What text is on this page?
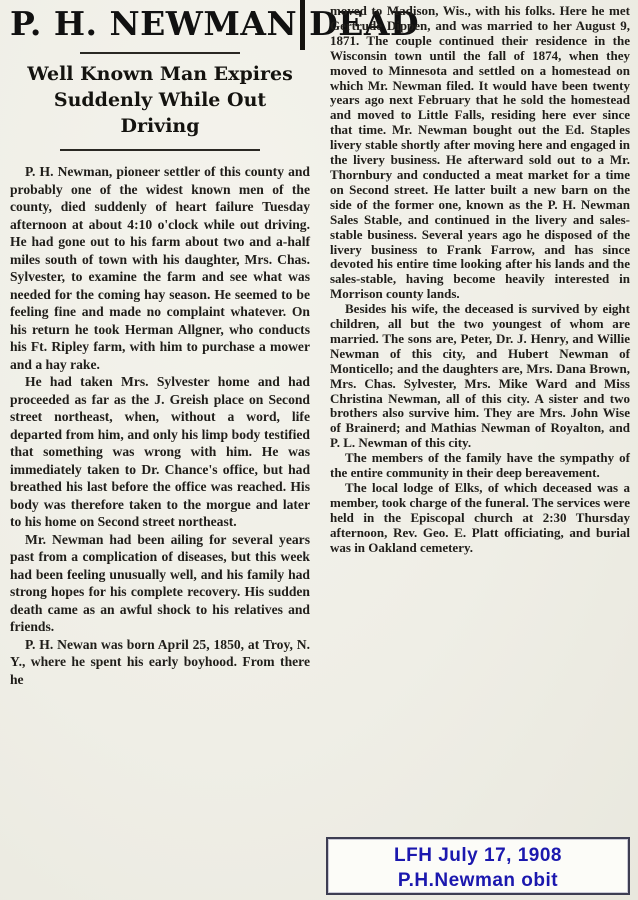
P. H. NEWMAN DEAD
Well Known Man Expires Suddenly While Out Driving

P. H. Newman, pioneer settler of this county and probably one of the widest known men of the county, died suddenly of heart failure Tuesday afternoon at about 4:10 o'clock while out driving. He had gone out to his farm about two and a-half miles south of town with his daughter, Mrs. Chas. Sylvester, to examine the farm and see what was needed for the coming hay season. He seemed to be feeling fine and made no complaint whatever. On his return he took Herman Allgner, who conducts his Ft. Ripley farm, with him to purchase a mower and a hay rake.

He had taken Mrs. Sylvester home and had proceeded as far as the J. Greish place on Second street northeast, when, without a word, life departed from him, and only his limp body testified that something was wrong with him. He was immediately taken to Dr. Chance's office, but had breathed his last before the office was reached. His body was therefore taken to the morgue and later to his home on Second street northeast.

Mr. Newman had been ailing for several years past from a complication of diseases, but this week had been feeling unusually well, and his family had strong hopes for his complete recovery. His sudden death came as an awful shock to his relatives and friends.

P. H. Newan was born April 25, 1850, at Troy, N. Y., where he spent his early boyhood. From there he

moved to Madison, Wis., with his folks. Here he met Gertrude Dippen, and was married to her August 9, 1871. The couple continued their residence in the Wisconsin town until the fall of 1874, when they moved to Minnesota and settled on a homestead on which Mr. Newman filed. It would have been twenty years ago next February that he sold the homestead and moved to Little Falls, residing here ever since that time. Mr. Newman bought out the Ed. Staples livery stable shortly after moving here and engaged in the livery business. He afterward sold out to a Mr. Thornbury and conducted a meat market for a time on Second street. He latter built a new barn on the side of the former one, known as the P. H. Newman Sales Stable, and continued in the livery and sales-stable business. Several years ago he disposed of the livery business to Frank Farrow, and has since devoted his entire time looking after his lands and the sales-stable, having become heavily interested in Morrison county lands.

Besides his wife, the deceased is survived by eight children, all but the two youngest of whom are married. The sons are, Peter, Dr. J. Henry, and Willie Newman of this city, and Hubert Newman of Monticello; and the daughters are, Mrs. Dana Brown, Mrs. Chas. Sylvester, Mrs. Mike Ward and Miss Christina Newman, all of this city. A sister and two brothers also survive him. They are Mrs. John Wise of Brainerd; and Mathias Newman of Royalton, and P. L. Newman of this city.

The members of the family have the sympathy of the entire community in their deep bereavement.

The local lodge of Elks, of which deceased was a member, took charge of the funeral. The services were held in the Episcopal church at 2:30 Thursday afternoon, Rev. Geo. E. Platt officiating, and burial was in Oakland cemetery.

LFH July 17, 1908
P.H.Newman obit
